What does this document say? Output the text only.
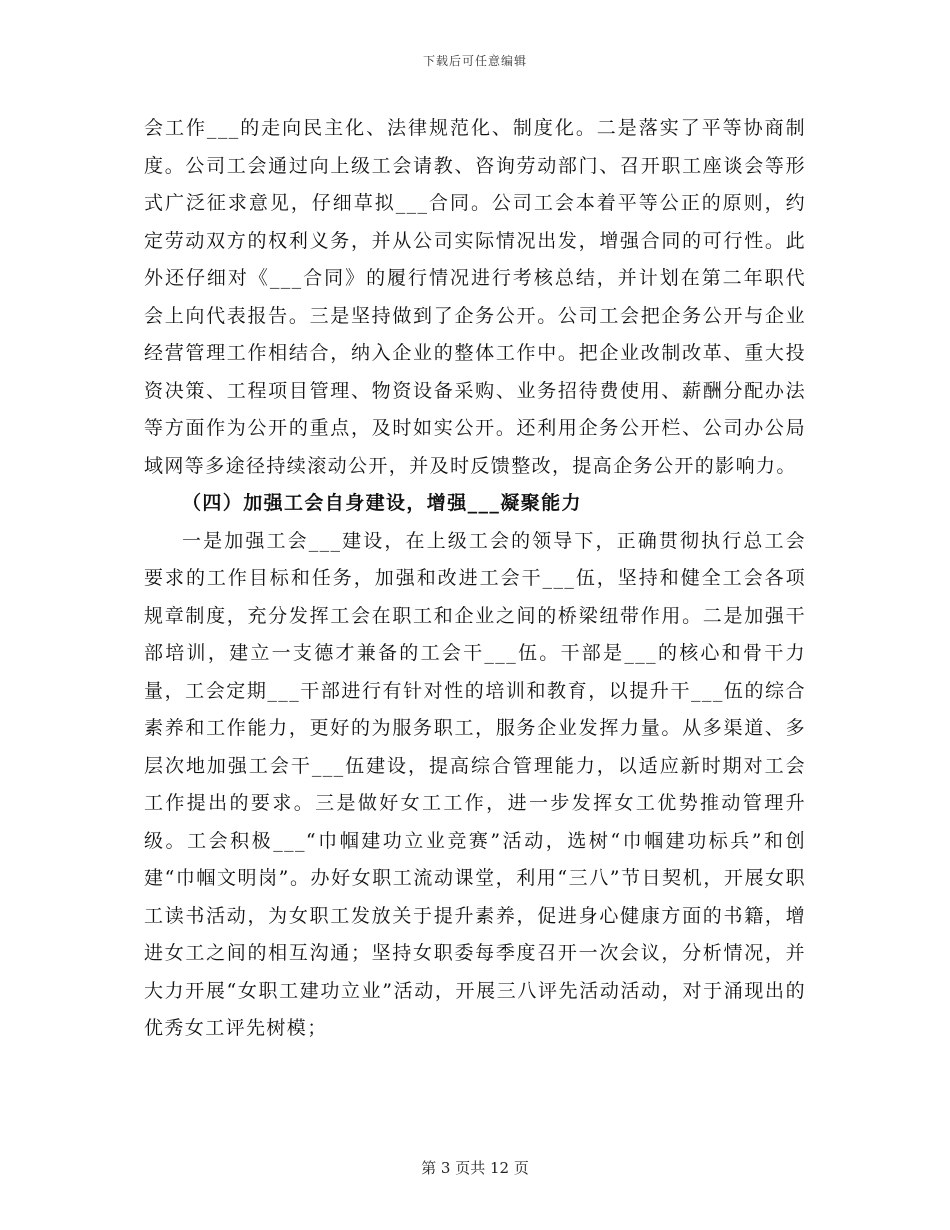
下载后可任意编辑

会工作___的走向民主化、法律规范化、制度化。二是落实了平等协商制度。公司工会通过向上级工会请教、咨询劳动部门、召开职工座谈会等形式广泛征求意见，仔细草拟___合同。公司工会本着平等公正的原则，约定劳动双方的权利义务，并从公司实际情况出发，增强合同的可行性。此外还仔细对《___合同》的履行情况进行考核总结，并计划在第二年职代会上向代表报告。三是坚持做到了企务公开。公司工会把企务公开与企业经营管理工作相结合，纳入企业的整体工作中。把企业改制改革、重大投资决策、工程项目管理、物资设备采购、业务招待费使用、薪酬分配办法等方面作为公开的重点，及时如实公开。还利用企务公开栏、公司办公局域网等多途径持续滚动公开，并及时反馈整改，提高企务公开的影响力。

（四）加强工会自身建设，增强___凝聚能力

一是加强工会___建设，在上级工会的领导下，正确贯彻执行总工会要求的工作目标和任务，加强和改进工会干___伍，坚持和健全工会各项规章制度，充分发挥工会在职工和企业之间的桥梁纽带作用。二是加强干部培训，建立一支德才兼备的工会干___伍。干部是___的核心和骨干力量，工会定期___干部进行有针对性的培训和教育，以提升干___伍的综合素养和工作能力，更好的为服务职工，服务企业发挥力量。从多渠道、多层次地加强工会干___伍建设，提高综合管理能力，以适应新时期对工会工作提出的要求。三是做好女工工作，进一步发挥女工优势推动管理升级。工会积极___“巾帼建功立业竞赛”活动，选树“巾帼建功标兵”和创建“巾帼文明岗”。办好女职工流动课堂，利用“三八”节日契机，开展女职工读书活动，为女职工发放关于提升素养，促进身心健康方面的书籍，增进女工之间的相互沟通；坚持女职委每季度召开一次会议，分析情况，并大力开展“女职工建功立业”活动，开展三八评先活动活动，对于涌现出的优秀女工评先树模；

第 3 页共 12 页
